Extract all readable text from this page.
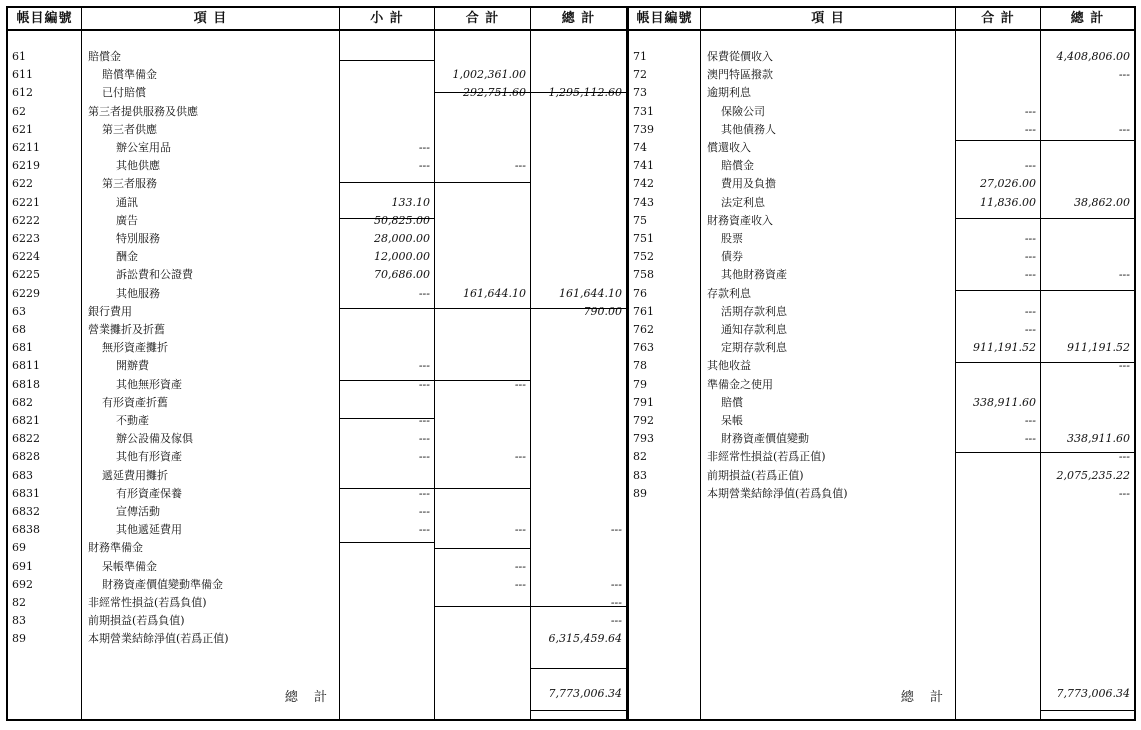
帳目編號
61
611
612
62
621
6211
6219
622
6221
6222
6223
6224
6225
6229
63
68
681
6811
6818
682
6821
6822
6828
683
6831
6832
6838
69
691
692
82
83
89
項 目
賠償金
賠償準備金
已付賠償
第三者提供服務及供應
第三者供應
辦公室用品
其他供應
第三者服務
通訊
廣告
特別服務
酬金
訴訟費和公證費
其他服務
銀行費用
營業攤折及折舊
無形資產攤折
開辦費
其他無形資產
有形資產折舊
不動產
辦公設備及傢俱
其他有形資產
遞延費用攤折
有形資產保養
宣傳活動
其他遞延費用
財務準備金
呆帳準備金
財務資產價值變動準備金
非經常性損益(若爲負值)
前期損益(若爲負值)
本期營業結餘淨值(若爲正值)
總 計
小 計
---
---
133.10
50,825.00
28,000.00
12,000.00
70,686.00
---
---
---
---
---
---
---
---
---
合 計
1,002,361.00
292,751.60
---
161,644.10
---
---
---
---
---
總 計
1,295,112.60
161,644.10
790.00
---
---
---
---
6,315,459.64
7,773,006.34
帳目編號
71
72
73
731
739
74
741
742
743
75
751
752
758
76
761
762
763
78
79
791
792
793
82
83
89
項 目
保費從價收入
澳門特區撥款
逾期利息
保險公司
其他債務人
償還收入
賠償金
費用及負擔
法定利息
財務資產收入
股票
債券
其他財務資產
存款利息
活期存款利息
通知存款利息
定期存款利息
其他收益
準備金之使用
賠償
呆帳
財務資產價值變動
非經常性損益(若爲正值)
前期損益(若爲正值)
本期營業結餘淨值(若爲負值)
總 計
合 計
---
---
---
27,026.00
11,836.00
---
---
---
---
---
911,191.52
338,911.60
---
---
總 計
4,408,806.00
---
---
38,862.00
---
911,191.52
---
338,911.60
---
2,075,235.22
---
7,773,006.34
